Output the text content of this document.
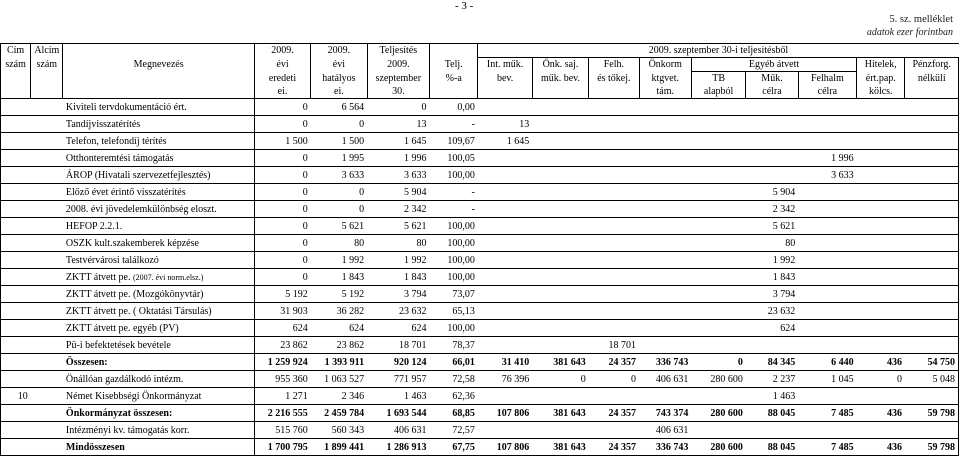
- 3 -
5. sz. melléklet
adatok ezer forintban
Cím	Alcím		2009.	2009.	Teljesítés		2009. szeptember 30-i teljesítésből								
szám	szám	Megnevezés	évi	évi	2009.	Telj.	Int. műk.	Önk. saj.	Felh.	Önkorm	Egyéb átvett			Hitelek,	Pénzforg.
			eredeti	hatályos	szeptember	%-a	bev.	műk. bev.	és tőkej.	ktgvet.	TB	Műk.	Felhalm	ért.pap.	nélküli
			ei.	ei.	30.					tám.	alapból	célra	célra	kölcs.	
		Kiviteli tervdokumentáció ért.	0	6 564	0	0,00									
		Tandíjvisszatérítés	0	0	13	-	13								
		Telefon, telefondíj térítés	1 500	1 500	1 645	109,67	1 645								
		Otthonteremtési támogatás	0	1 995	1 996	100,05							1 996		
		ÁROP (Hivatali szervezetfejlesztés)	0	3 633	3 633	100,00							3 633		
		Előző évet érintő visszatérítés	0	0	5 904	-						5 904			
		2008. évi jövedelemkülönbség eloszt.	0	0	2 342	-						2 342			
		HEFOP 2.2.1.	0	5 621	5 621	100,00						5 621			
		OSZK kult.szakemberek képzése	0	80	80	100,00						80			
		Testvérvárosi találkozó	0	1 992	1 992	100,00						1 992			
		ZKTT átvett pe. (2007. évi norm.elsz.)	0	1 843	1 843	100,00						1 843			
		ZKTT átvett pe. (Mozgókönyvtár)	5 192	5 192	3 794	73,07						3 794			
		ZKTT átvett pe. ( Oktatási Társulás)	31 903	36 282	23 632	65,13						23 632			
		ZKTT átvett pe. egyéb (PV)	624	624	624	100,00						624			
		Pü-i befektetések bevétele	23 862	23 862	18 701	78,37			18 701						
		Összesen:	1 259 924	1 393 911	920 124	66,01	31 410	381 643	24 357	336 743	0	84 345	6 440	436	54 750
		Önállóan gazdálkodó intézm.	955 360	1 063 527	771 957	72,58	76 396	0	0	406 631	280 600	2 237	1 045	0	5 048
10		Német Kisebbségi Önkormányzat	1 271	2 346	1 463	62,36						1 463			
		Önkormányzat összesen:	2 216 555	2 459 784	1 693 544	68,85	107 806	381 643	24 357	743 374	280 600	88 045	7 485	436	59 798
		Intézményi kv. támogatás korr.	515 760	560 343	406 631	72,57				406 631					
		Mindösszesen	1 700 795	1 899 441	1 286 913	67,75	107 806	381 643	24 357	336 743	280 600	88 045	7 485	436	59 798
